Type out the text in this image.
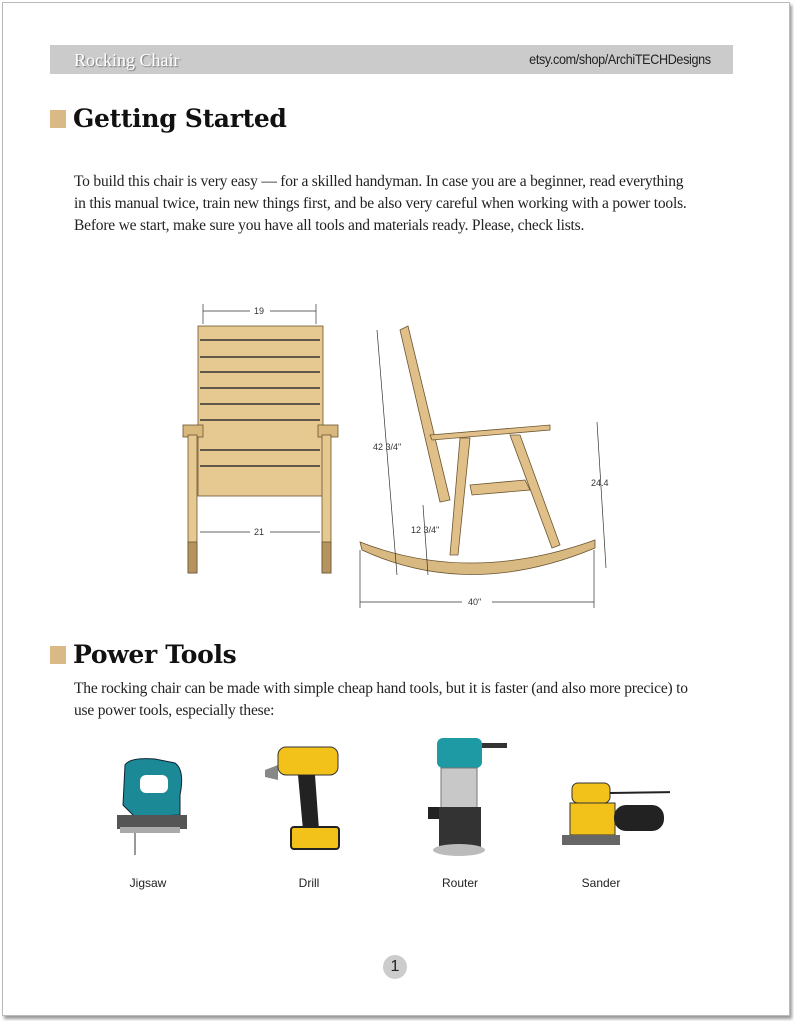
Rocking Chair	etsy.com/shop/ArchiTECHDesigns
Getting Started
To build this chair is very easy — for a skilled handyman. In case you are a beginner, read everything
in this manual twice, train new things first, and be also very careful when working with a power tools.
Before we start, make sure you have all tools and materials ready. Please, check lists.
19
21
42 3/4"
24.4
12 3/4"
40"
Power Tools
The rocking chair can be made with simple cheap hand tools, but it is faster (and also more precice) to
use power tools, especially these:
Jigsaw	Drill	Router	Sander
1
